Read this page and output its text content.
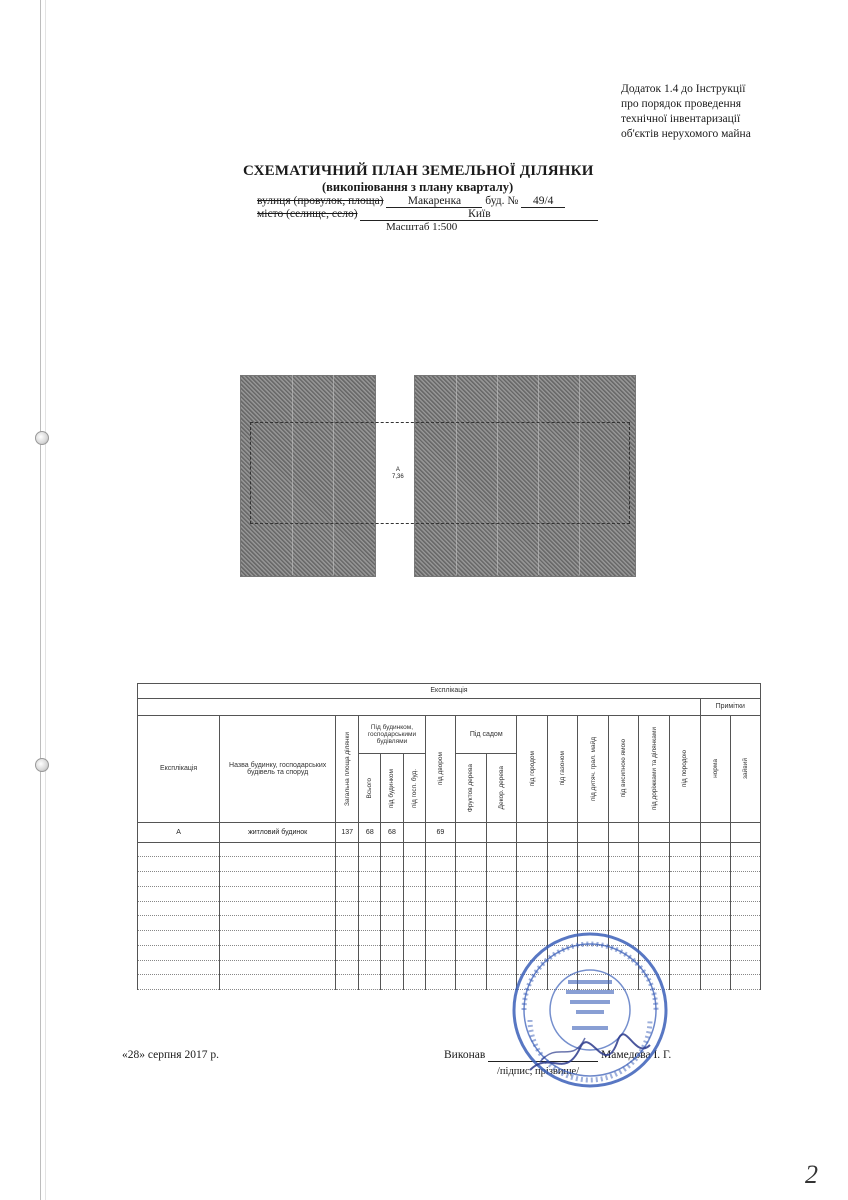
Додаток 1.4 до Інструкції
про порядок проведення
технічної інвентаризації
об'єктів нерухомого майна
СХЕМАТИЧНИЙ ПЛАН ЗЕМЕЛЬНОЇ ДІЛЯНКИ
(викопіювання з плану кварталу)
вулиця (провулок, площа) Макаренка буд. № 49/4
місто (селище, село)	Київ
Масштаб 1:500
А
7,36
Експлікація																
															Примітки	
Експлікація	Назва будинку, господарських будівель та споруд	Загальна площа ділянки	Під будинком, господарськими будівлями			під двором	Під садом		під городом	під газоном	під дитяч. грал. майд	під висипною ямою	під доріжками та ділянками	під породою	норма	зайвий

			Всього	під будинком	під госп. буд.		Фруктов дерева	Декор. дерева								

А	житловий будинок	137	68	68		69										

«28» серпня 2017 р.	Виконав	Мамедова І. Г.
/підпис, прізвище/
2
